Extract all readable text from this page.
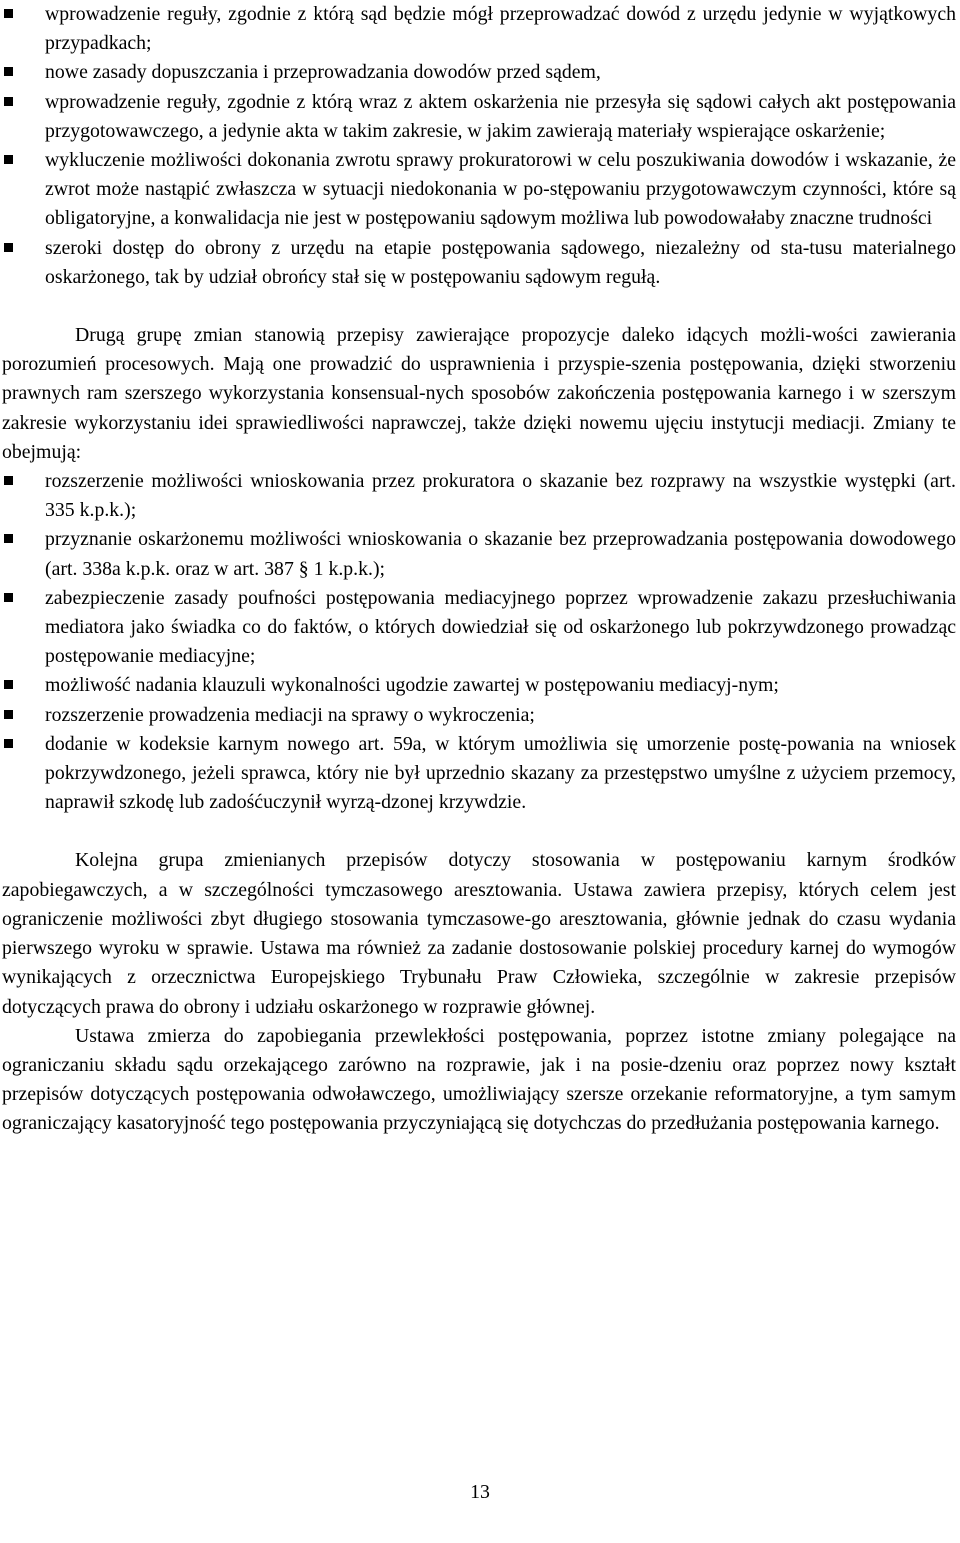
wprowadzenie reguły, zgodnie z którą sąd będzie mógł przeprowadzać dowód z urzędu jedynie w wyjątkowych przypadkach;
nowe zasady dopuszczania i przeprowadzania dowodów przed sądem,
wprowadzenie reguły, zgodnie z którą wraz z aktem oskarżenia nie przesyła się sądowi całych akt postępowania przygotowawczego, a jedynie akta w takim zakresie, w jakim zawierają materiały wspierające oskarżenie;
wykluczenie możliwości dokonania zwrotu sprawy prokuratorowi w celu poszukiwania dowodów i wskazanie, że zwrot może nastąpić zwłaszcza w sytuacji niedokonania w po-stępowaniu przygotowawczym czynności, które są obligatoryjne, a konwalidacja nie jest w postępowaniu sądowym możliwa lub powodowałaby znaczne trudności
szeroki dostęp do obrony z urzędu na etapie postępowania sądowego, niezależny od sta-tusu materialnego oskarżonego, tak by udział obrońcy stał się w postępowaniu sądowym regułą.

Drugą grupę zmian stanowią przepisy zawierające propozycje daleko idących możli-wości zawierania porozumień procesowych. Mają one prowadzić do usprawnienia i przyspie-szenia postępowania, dzięki stworzeniu prawnych ram szerszego wykorzystania konsensual-nych sposobów zakończenia postępowania karnego i w szerszym zakresie wykorzystaniu idei sprawiedliwości naprawczej, także dzięki nowemu ujęciu instytucji mediacji. Zmiany te obejmują:

rozszerzenie możliwości wnioskowania przez prokuratora o skazanie bez rozprawy na wszystkie występki (art. 335 k.p.k.);
przyznanie oskarżonemu możliwości wnioskowania o skazanie bez przeprowadzania postępowania dowodowego (art. 338a k.p.k. oraz w art. 387 § 1 k.p.k.);
zabezpieczenie zasady poufności postępowania mediacyjnego poprzez wprowadzenie zakazu przesłuchiwania mediatora jako świadka co do faktów, o których dowiedział się od oskarżonego lub pokrzywdzonego prowadząc postępowanie mediacyjne;
możliwość nadania klauzuli wykonalności ugodzie zawartej w postępowaniu mediacyj-nym;
rozszerzenie prowadzenia mediacji na sprawy o wykroczenia;
dodanie w kodeksie karnym nowego art. 59a, w którym umożliwia się umorzenie postę-powania na wniosek pokrzywdzonego, jeżeli sprawca, który nie był uprzednio skazany za przestępstwo umyślne z użyciem przemocy, naprawił szkodę lub zadośćuczynił wyrzą-dzonej krzywdzie.

Kolejna grupa zmienianych przepisów dotyczy stosowania w postępowaniu karnym środków zapobiegawczych, a w szczególności tymczasowego aresztowania. Ustawa zawiera przepisy, których celem jest ograniczenie możliwości zbyt długiego stosowania tymczasowe-go aresztowania, głównie jednak do czasu wydania pierwszego wyroku w sprawie. Ustawa ma również za zadanie dostosowanie polskiej procedury karnej do wymogów wynikających z orzecznictwa Europejskiego Trybunału Praw Człowieka, szczególnie w zakresie przepisów dotyczących prawa do obrony i udziału oskarżonego w rozprawie głównej.

Ustawa zmierza do zapobiegania przewlekłości postępowania, poprzez istotne zmiany polegające na ograniczaniu składu sądu orzekającego zarówno na rozprawie, jak i na posie-dzeniu oraz poprzez nowy kształt przepisów dotyczących postępowania odwoławczego, umożliwiający szersze orzekanie reformatoryjne, a tym samym ograniczający kasatoryjność tego postępowania przyczyniającą się dotychczas do przedłużania postępowania karnego.

13
